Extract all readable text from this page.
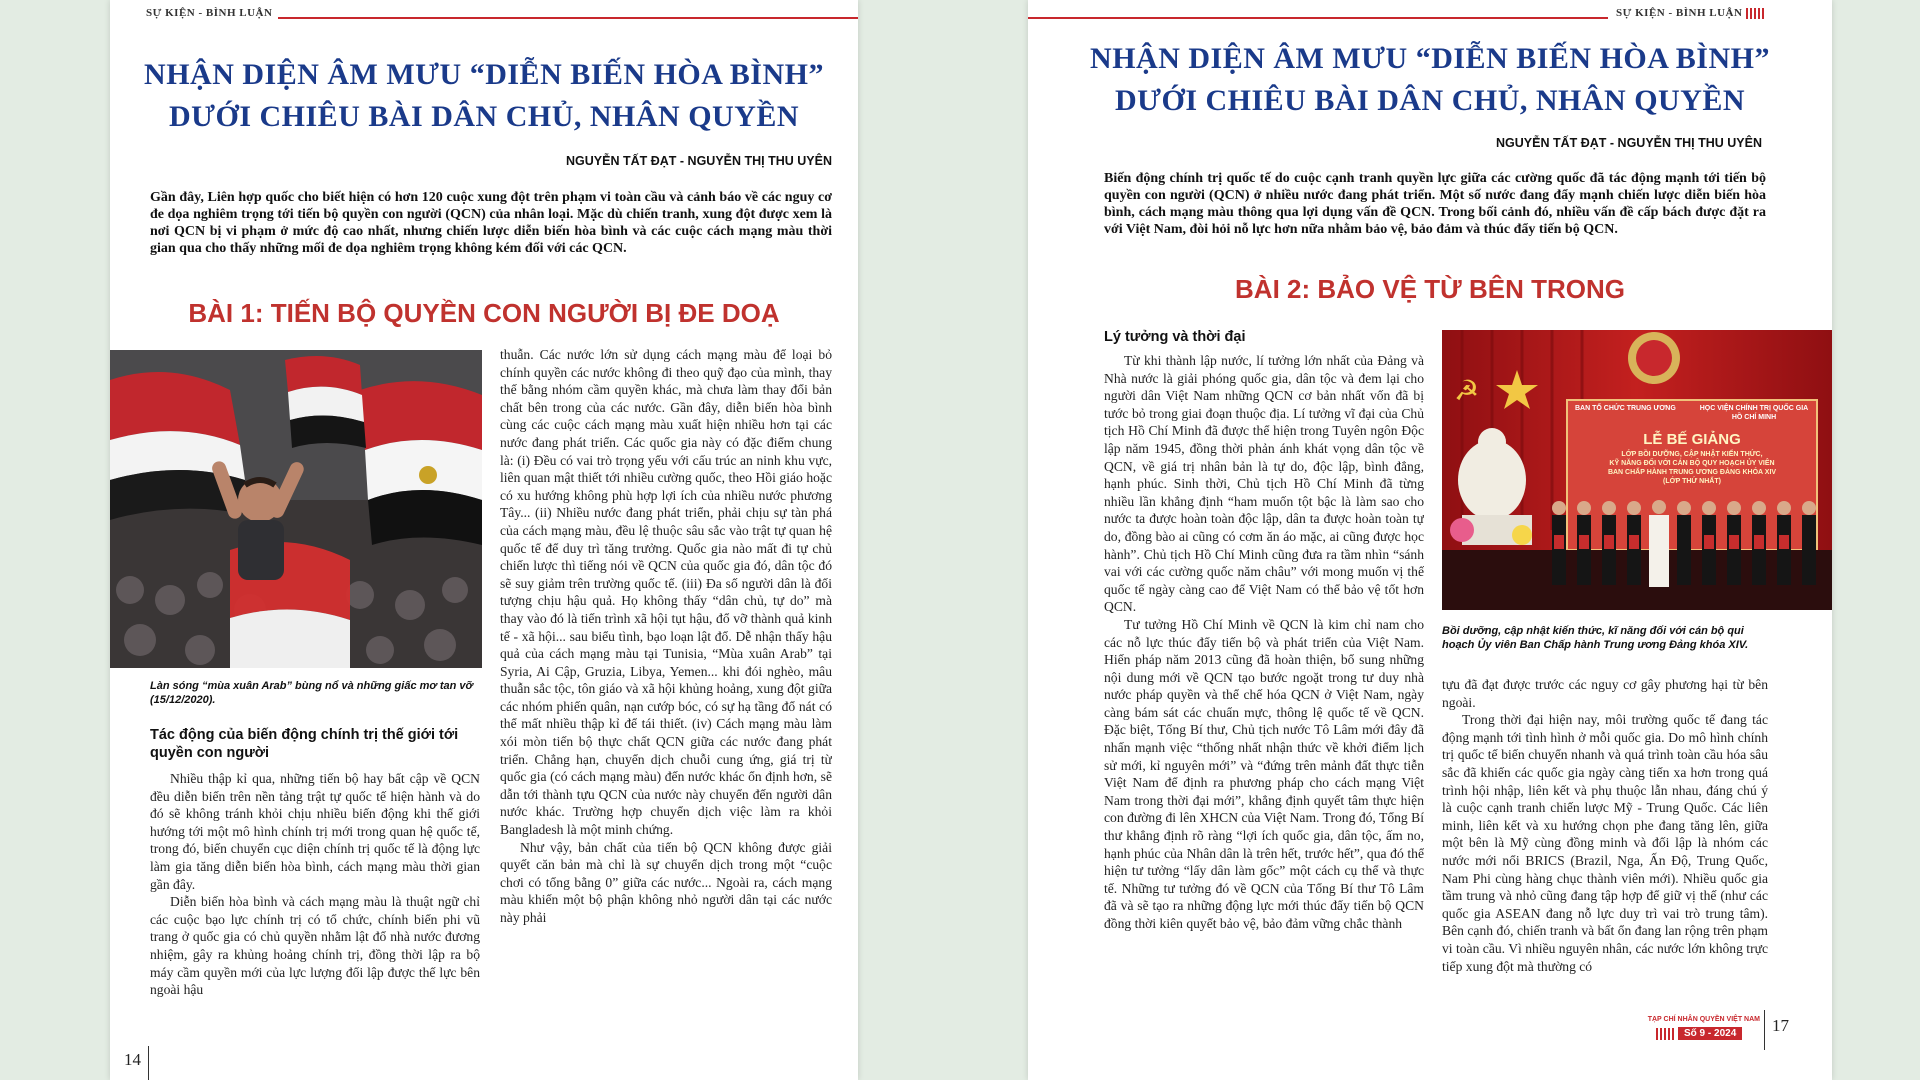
SỰ KIỆN - BÌNH LUẬN
NHẬN DIỆN ÂM MƯU “DIỄN BIẾN HÒA BÌNH”
DƯỚI CHIÊU BÀI DÂN CHỦ, NHÂN QUYỀN
NGUYỄN TẤT ĐẠT - NGUYỄN THỊ THU UYÊN

Gần đây, Liên hợp quốc cho biết hiện có hơn 120 cuộc xung đột trên phạm vi toàn cầu và cảnh báo về các nguy cơ đe dọa nghiêm trọng tới tiến bộ quyền con người (QCN) của nhân loại. Mặc dù chiến tranh, xung đột được xem là nơi QCN bị vi phạm ở mức độ cao nhất, nhưng chiến lược diễn biến hòa bình và các cuộc cách mạng màu thời gian qua cho thấy những mối đe dọa nghiêm trọng không kém đối với các QCN.

BÀI 1: TIẾN BỘ QUYỀN CON NGƯỜI BỊ ĐE DOẠ

Làn sóng “mùa xuân Arab” bùng nổ và những giấc mơ tan vỡ (15/12/2020).

Tác động của biến động chính trị thế giới tới quyền con người

Nhiều thập kỉ qua, những tiến bộ hay bất cập về QCN đều diễn biến trên nền tảng trật tự quốc tế hiện hành và do đó sẽ không tránh khỏi chịu nhiều biến động khi thế giới hướng tới một mô hình chính trị mới trong quan hệ quốc tế, trong đó, biến chuyển cục diện chính trị quốc tế là động lực làm gia tăng diễn biến hòa bình, cách mạng màu thời gian gần đây.

Diễn biến hòa bình và cách mạng màu là thuật ngữ chỉ các cuộc bạo lực chính trị có tổ chức, chính biến phi vũ trang ở quốc gia có chủ quyền nhằm lật đổ nhà nước đương nhiệm, gây ra khủng hoảng chính trị, đồng thời lập ra bộ máy cầm quyền mới của lực lượng đối lập được thế lực bên ngoài hậu

thuẫn. Các nước lớn sử dụng cách mạng màu để loại bỏ chính quyền các nước không đi theo quỹ đạo của mình, thay thế bằng nhóm cầm quyền khác, mà chưa làm thay đổi bản chất bên trong của các nước. Gần đây, diễn biến hòa bình cùng các cuộc cách mạng màu xuất hiện nhiều hơn tại các nước đang phát triển. Các quốc gia này có đặc điểm chung là: (i) Đều có vai trò trọng yếu với cấu trúc an ninh khu vực, liên quan mật thiết tới nhiều cường quốc, theo Hồi giáo hoặc có xu hướng không phù hợp lợi ích của nhiều nước phương Tây... (ii) Nhiều nước đang phát triển, phải chịu sự tàn phá của cách mạng màu, đều lệ thuộc sâu sắc vào trật tự quan hệ quốc tế để duy trì tăng trưởng. Quốc gia nào mất đi tự chủ chiến lược thì tiếng nói về QCN của quốc gia đó, dân tộc đó sẽ suy giảm trên trường quốc tế. (iii) Đa số người dân là đối tượng chịu hậu quả. Họ không thấy “dân chủ, tự do” mà thay vào đó là tiến trình xã hội tụt hậu, đổ vỡ thành quả kinh tế - xã hội... sau biểu tình, bạo loạn lật đổ. Dễ nhận thấy hậu quả của cách mạng màu tại Tunisia, “Mùa xuân Arab” tại Syria, Ai Cập, Gruzia, Libya, Yemen... khi đói nghèo, mâu thuẫn sắc tộc, tôn giáo và xã hội khủng hoảng, xung đột giữa các nhóm phiến quân, nạn cướp bóc, có sự hạ tầng đổ nát có thể mất nhiều thập kỉ để tái thiết. (iv) Cách mạng màu làm xói mòn tiến bộ thực chất QCN giữa các nước đang phát triển. Chẳng hạn, chuyển dịch chuỗi cung ứng, giá trị từ quốc gia (có cách mạng màu) đến nước khác ổn định hơn, sẽ dẫn tới thành tựu QCN của nước này chuyển đến người dân nước khác. Trường hợp chuyển dịch việc làm ra khỏi Bangladesh là một minh chứng.

Như vậy, bản chất của tiến bộ QCN không được giải quyết căn bản mà chỉ là sự chuyển dịch trong một “cuộc chơi có tổng bằng 0” giữa các nước... Ngoài ra, cách mạng màu khiến một bộ phận không nhỏ người dân tại các nước này phải

14
SỰ KIỆN - BÌNH LUẬN
NHẬN DIỆN ÂM MƯU “DIỄN BIẾN HÒA BÌNH”
DƯỚI CHIÊU BÀI DÂN CHỦ, NHÂN QUYỀN
NGUYỄN TẤT ĐẠT - NGUYỄN THỊ THU UYÊN

Biến động chính trị quốc tế do cuộc cạnh tranh quyền lực giữa các cường quốc đã tác động mạnh tới tiến bộ quyền con người (QCN) ở nhiều nước đang phát triển. Một số nước đang đẩy mạnh chiến lược diễn biến hòa bình, cách mạng màu thông qua lợi dụng vấn đề QCN. Trong bối cảnh đó, nhiều vấn đề cấp bách được đặt ra với Việt Nam, đòi hỏi nỗ lực hơn nữa nhằm bảo vệ, bảo đảm và thúc đẩy tiến bộ QCN.

BÀI 2: BẢO VỆ TỪ BÊN TRONG

Lý tưởng và thời đại

Từ khi thành lập nước, lí tưởng lớn nhất của Đảng và Nhà nước là giải phóng quốc gia, dân tộc và đem lại cho người dân Việt Nam những QCN cơ bản nhất vốn đã bị tước bỏ trong giai đoạn thuộc địa. Lí tưởng vĩ đại của Chủ tịch Hồ Chí Minh đã được thể hiện trong Tuyên ngôn Độc lập năm 1945, đồng thời phản ánh khát vọng dân tộc về QCN, về giá trị nhân bản là tự do, độc lập, bình đẳng, hạnh phúc. Sinh thời, Chủ tịch Hồ Chí Minh đã từng nhiều lần khẳng định “ham muốn tột bậc là làm sao cho nước ta được hoàn toàn độc lập, dân ta được hoàn toàn tự do, đồng bào ai cũng có cơm ăn áo mặc, ai cũng được học hành”. Chủ tịch Hồ Chí Minh cũng đưa ra tầm nhìn “sánh vai với các cường quốc năm châu” với mong muốn vị thế quốc tế ngày càng cao để Việt Nam có thể bảo vệ tốt hơn QCN.

Tư tưởng Hồ Chí Minh về QCN là kim chỉ nam cho các nỗ lực thúc đẩy tiến bộ và phát triển của Việt Nam. Hiến pháp năm 2013 cũng đã hoàn thiện, bổ sung những nội dung mới về QCN tạo bước ngoặt trong tư duy nhà nước pháp quyền và thể chế hóa QCN ở Việt Nam, ngày càng bám sát các chuẩn mực, thông lệ quốc tế về QCN. Đặc biệt, Tổng Bí thư, Chủ tịch nước Tô Lâm mới đây đã nhấn mạnh việc “thống nhất nhận thức về khởi điểm lịch sử mới, kỉ nguyên mới” và “đứng trên mảnh đất thực tiễn Việt Nam để định ra phương pháp cho cách mạng Việt Nam trong thời đại mới”, khẳng định quyết tâm thực hiện con đường đi lên XHCN của Việt Nam. Trong đó, Tổng Bí thư khẳng định rõ ràng “lợi ích quốc gia, dân tộc, ấm no, hạnh phúc của Nhân dân là trên hết, trước hết”, qua đó thể hiện tư tưởng “lấy dân làm gốc” một cách cụ thể và thực tế. Những tư tưởng đó về QCN của Tổng Bí thư Tô Lâm đã và sẽ tạo ra những động lực mới thúc đẩy tiến bộ QCN đồng thời kiên quyết bảo vệ, bảo đảm vững chắc thành

☭
BAN TỔ CHỨC TRUNG ƯƠNG	HỌC VIỆN CHÍNH TRỊ QUỐC GIA HỒ CHÍ MINH
LỄ BẾ GIẢNG
LỚP BỒI DƯỠNG, CẬP NHẬT KIẾN THỨC,
KỸ NĂNG ĐỐI VỚI CÁN BỘ QUY HOẠCH ỦY VIÊN
BAN CHẤP HÀNH TRUNG ƯƠNG ĐẢNG KHÓA XIV
(LỚP THỨ NHẤT)

Bồi dưỡng, cập nhật kiến thức, kĩ năng đối với cán bộ qui hoạch Ủy viên Ban Chấp hành Trung ương Đảng khóa XIV.

tựu đã đạt được trước các nguy cơ gây phương hại từ bên ngoài.

Trong thời đại hiện nay, môi trường quốc tế đang tác động mạnh tới tình hình ở mỗi quốc gia. Do mô hình chính trị quốc tế biến chuyển nhanh và quá trình toàn cầu hóa sâu sắc đã khiến các quốc gia ngày càng tiến xa hơn trong quá trình hội nhập, liên kết và phụ thuộc lẫn nhau, đáng chú ý là cuộc cạnh tranh chiến lược Mỹ - Trung Quốc. Các liên minh, liên kết và xu hướng chọn phe đang tăng lên, giữa một bên là Mỹ cùng đồng minh và đối lập là nhóm các nước mới nổi BRICS (Brazil, Nga, Ấn Độ, Trung Quốc, Nam Phi cùng hàng chục thành viên mới). Nhiều quốc gia tầm trung và nhỏ cũng đang tập hợp để giữ vị thế (như các quốc gia ASEAN đang nỗ lực duy trì vai trò trung tâm). Bên cạnh đó, chiến tranh và bất ổn đang lan rộng trên phạm vi toàn cầu. Vì nhiều nguyên nhân, các nước lớn không trực tiếp xung đột mà thường có

TẠP CHÍ NHÂN QUYỀN VIỆT NAM
Số 9 - 2024	17
